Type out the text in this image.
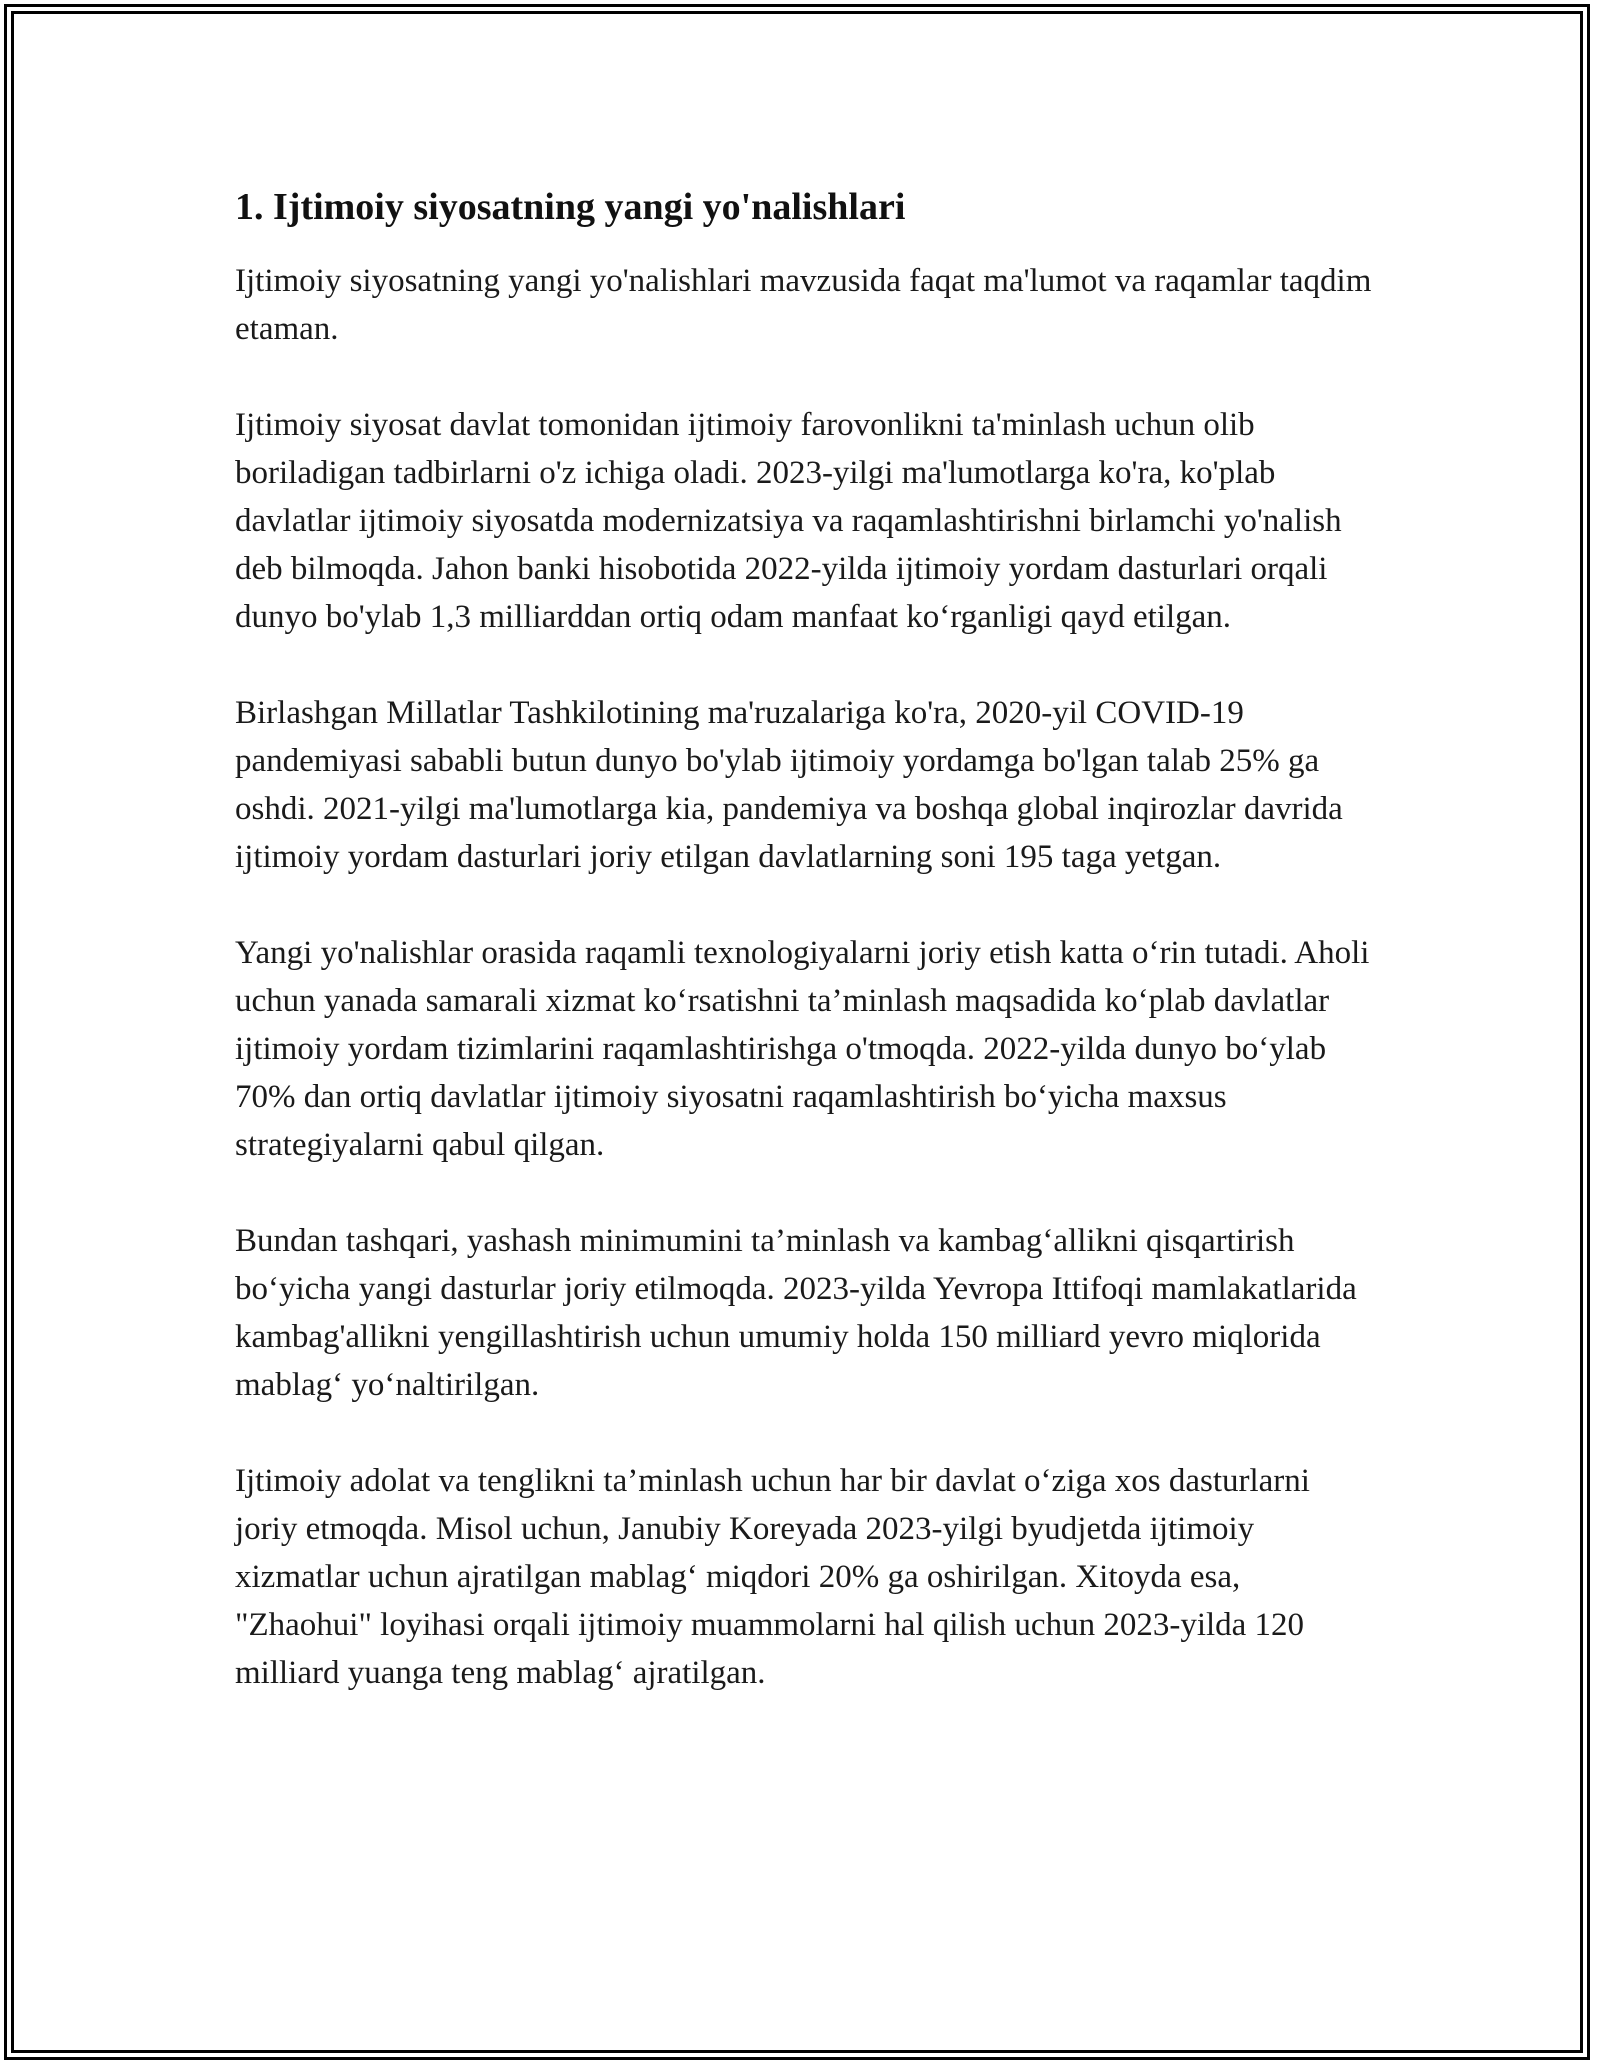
1. Ijtimoiy siyosatning yangi yo'nalishlari

Ijtimoiy siyosatning yangi yo'nalishlari mavzusida faqat ma'lumot va raqamlar taqdim etaman.

Ijtimoiy siyosat davlat tomonidan ijtimoiy farovonlikni ta'minlash uchun olib boriladigan tadbirlarni o'z ichiga oladi. 2023-yilgi ma'lumotlarga ko'ra, ko'plab davlatlar ijtimoiy siyosatda modernizatsiya va raqamlashtirishni birlamchi yo'nalish deb bilmoqda. Jahon banki hisobotida 2022-yilda ijtimoiy yordam dasturlari orqali dunyo bo'ylab 1,3 milliarddan ortiq odam manfaat koʻrganligi qayd etilgan.

Birlashgan Millatlar Tashkilotining ma'ruzalariga ko'ra, 2020-yil COVID-19 pandemiyasi sababli butun dunyo bo'ylab ijtimoiy yordamga bo'lgan talab 25% ga oshdi. 2021-yilgi ma'lumotlarga kia, pandemiya va boshqa global inqirozlar davrida ijtimoiy yordam dasturlari joriy etilgan davlatlarning soni 195 taga yetgan.

Yangi yo'nalishlar orasida raqamli texnologiyalarni joriy etish katta oʻrin tutadi. Aholi uchun yanada samarali xizmat koʻrsatishni ta’minlash maqsadida koʻplab davlatlar ijtimoiy yordam tizimlarini raqamlashtirishga o'tmoqda. 2022-yilda dunyo boʻylab 70% dan ortiq davlatlar ijtimoiy siyosatni raqamlashtirish boʻyicha maxsus strategiyalarni qabul qilgan.

Bundan tashqari, yashash minimumini ta’minlash va kambagʻallikni qisqartirish boʻyicha yangi dasturlar joriy etilmoqda. 2023-yilda Yevropa Ittifoqi mamlakatlarida kambag'allikni yengillashtirish uchun umumiy holda 150 milliard yevro miqlorida mablagʻ yoʻnaltirilgan.

Ijtimoiy adolat va tenglikni ta’minlash uchun har bir davlat oʻziga xos dasturlarni joriy etmoqda. Misol uchun, Janubiy Koreyada 2023-yilgi byudjetda ijtimoiy xizmatlar uchun ajratilgan mablagʻ miqdori 20% ga oshirilgan. Xitoyda esa, "Zhaohui" loyihasi orqali ijtimoiy muammolarni hal qilish uchun 2023-yilda 120 milliard yuanga teng mablagʻ ajratilgan.
